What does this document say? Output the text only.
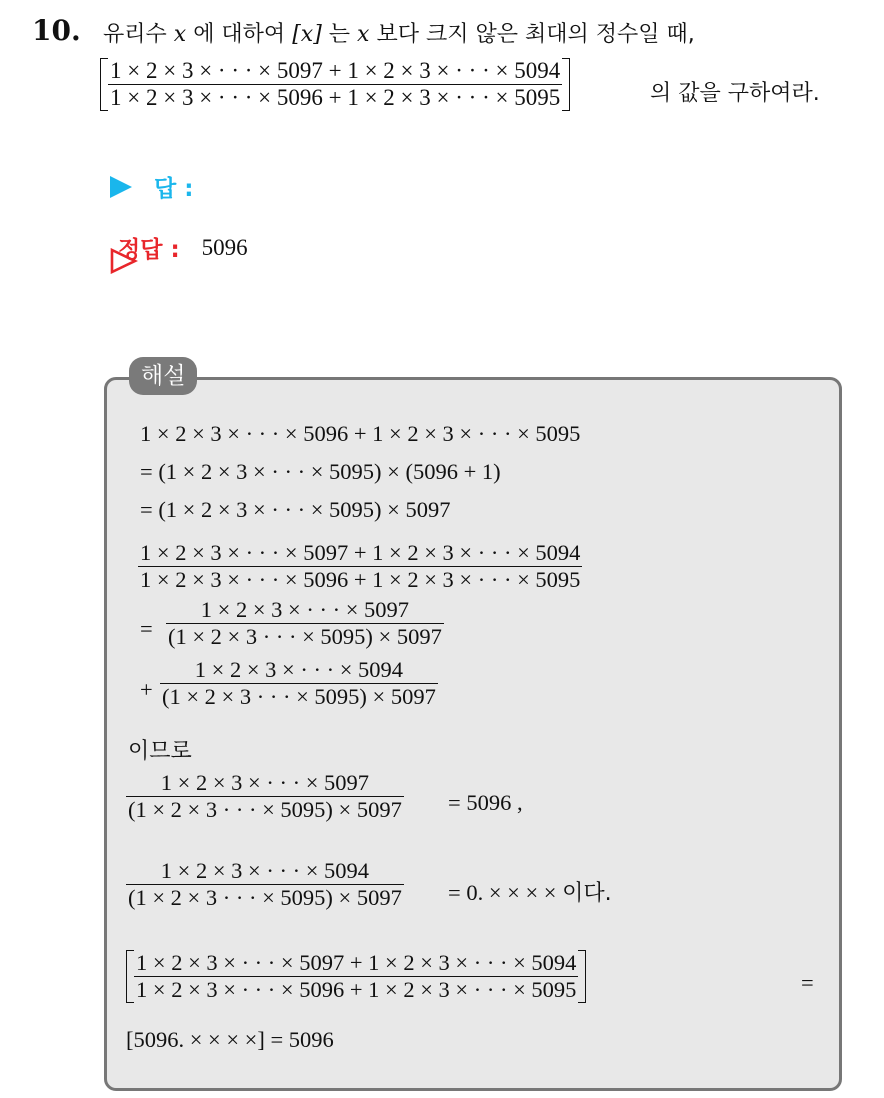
10. 유리수 x 에 대하여 [x] 는 x 보다 크지 않은 최대의 정수일 때,
$\frac{1 \times 2 \times 3 \times \cdot \cdot \cdot \times 5097 + 1 \times 2 \times 3 \times \cdot \cdot \cdot \times 5094}{1 \times 2 \times 3 \times \cdot \cdot \cdot \times 5096 + 1 \times 2 \times 3 \times \cdot \cdot \cdot \times 5095}$	의 값을 구하여라.
답 :
정답 : 5096
해설
1 × 2 × 3 × · · · × 5096 + 1 × 2 × 3 × · · · × 5095
= (1 × 2 × 3 × · · · × 5095) × (5096 + 1)
= (1 × 2 × 3 × · · · × 5095) × 5097
$\frac{1 \times 2 \times 3 \times \cdot \cdot \cdot \times 5097 + 1 \times 2 \times 3 \times \cdot \cdot \cdot \times 5094}{1 \times 2 \times 3 \times \cdot \cdot \cdot \times 5096 + 1 \times 2 \times 3 \times \cdot \cdot \cdot \times 5095}$
= $\frac{1 \times 2 \times 3 \times \cdot \cdot \cdot \times 5097}{(1 \times 2 \times 3 \cdot \cdot \cdot \times 5095) \times 5097}$
+ $\frac{1 \times 2 \times 3 \times \cdot \cdot \cdot \times 5094}{(1 \times 2 \times 3 \cdot \cdot \cdot \times 5095) \times 5097}$
이므로
$\frac{1 \times 2 \times 3 \times \cdot \cdot \cdot \times 5097}{(1 \times 2 \times 3 \cdot \cdot \cdot \times 5095) \times 5097} = 5096$ ,
$\frac{1 \times 2 \times 3 \times \cdot \cdot \cdot \times 5094}{(1 \times 2 \times 3 \cdot \cdot \cdot \times 5095) \times 5097} = 0$. × × × × 이다.
$\frac{1 \times 2 \times 3 \times \cdot \cdot \cdot \times 5097 + 1 \times 2 \times 3 \times \cdot \cdot \cdot \times 5094}{1 \times 2 \times 3 \times \cdot \cdot \cdot \times 5096 + 1 \times 2 \times 3 \times \cdot \cdot \cdot \times 5095}$	=
[5096. × × × ×] = 5096
